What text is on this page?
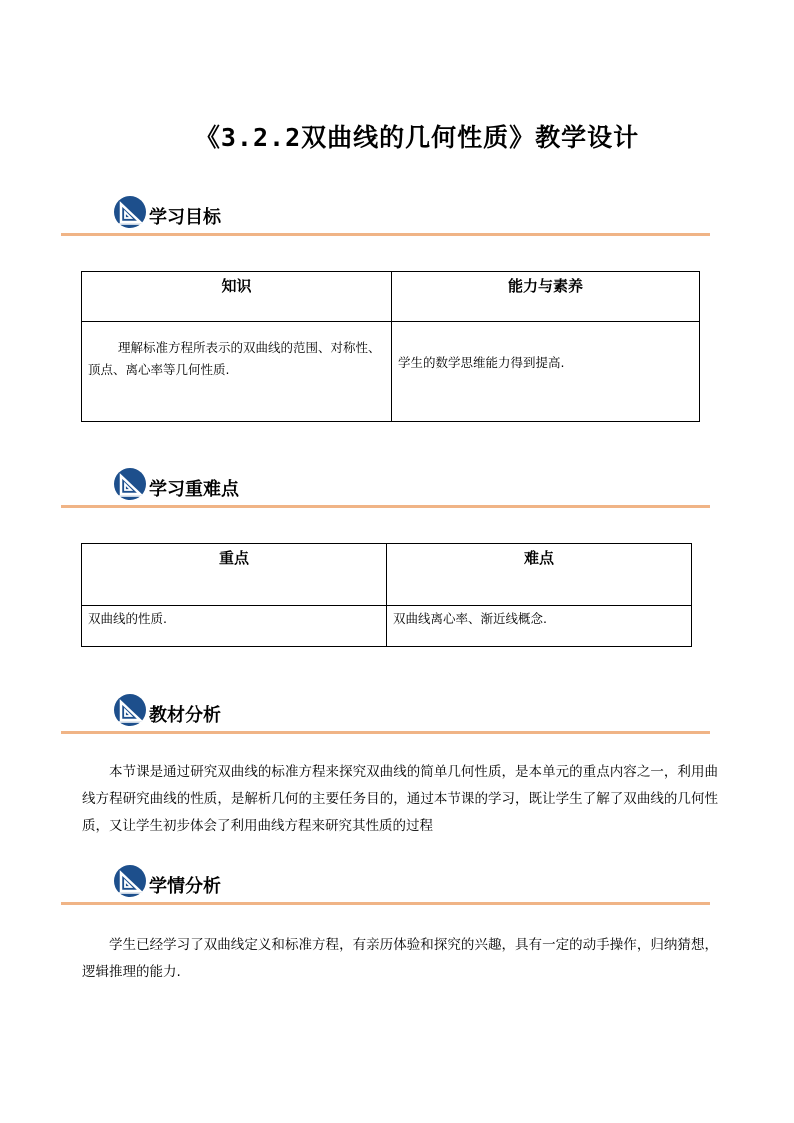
《3.2.2双曲线的几何性质》教学设计
学习目标
知识	能力与素养
理解标准方程所表示的双曲线的范围、对称性、顶点、离心率等几何性质.	学生的数学思维能力得到提高.
学习重难点
重点	难点
双曲线的性质.	双曲线离心率、渐近线概念.
教材分析
本节课是通过研究双曲线的标准方程来探究双曲线的简单几何性质，是本单元的重点内容之一，利用曲线方程研究曲线的性质，是解析几何的主要任务目的，通过本节课的学习，既让学生了解了双曲线的几何性质，又让学生初步体会了利用曲线方程来研究其性质的过程
学情分析
学生已经学习了双曲线定义和标准方程，有亲历体验和探究的兴趣，具有一定的动手操作，归纳猜想，逻辑推理的能力.
